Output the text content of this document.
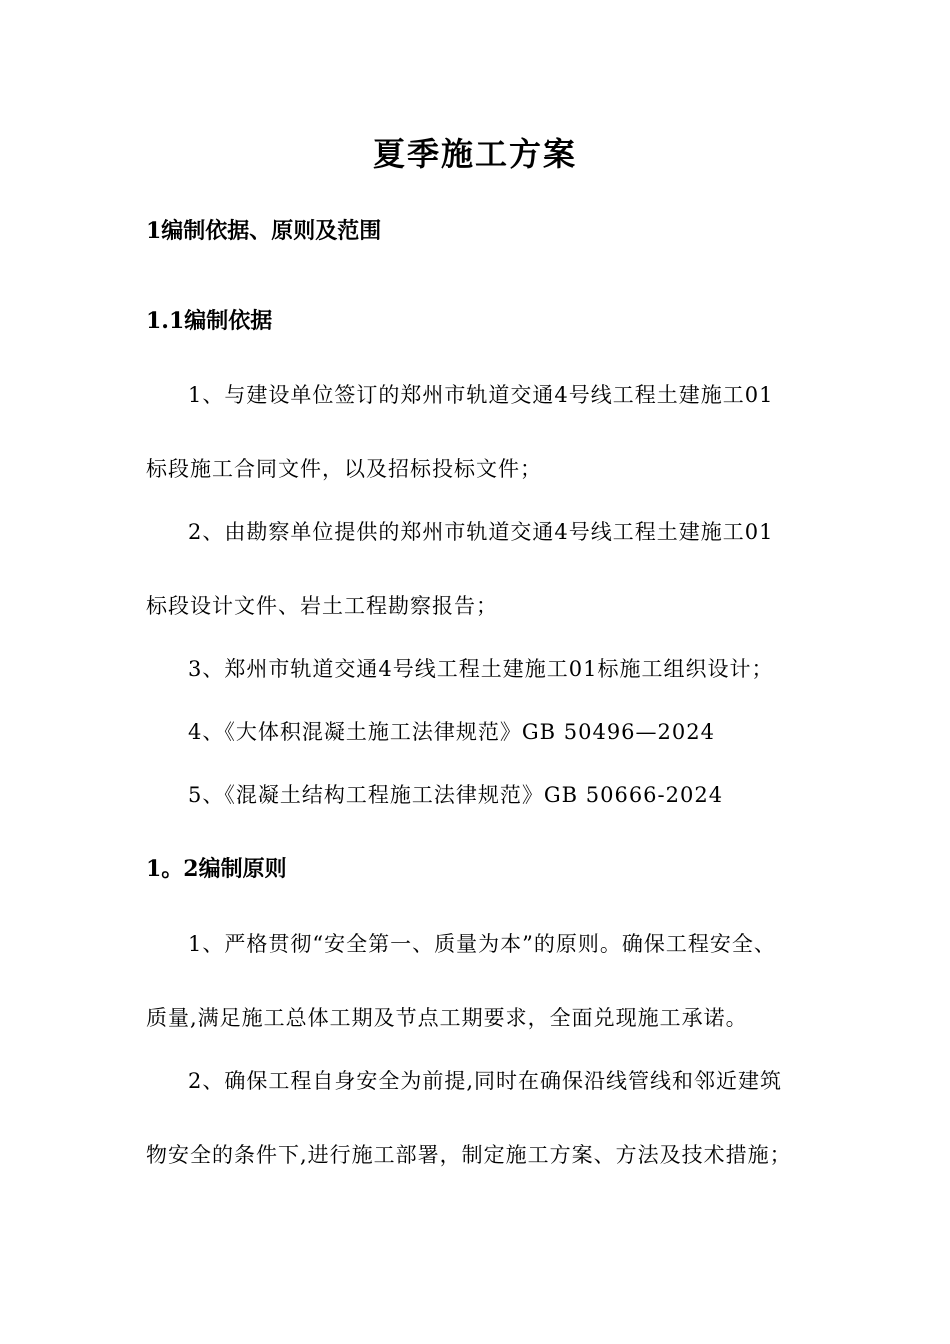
夏季施工方案
1编制依据、原则及范围
1.1编制依据

1、与建设单位签订的郑州市轨道交通4号线工程土建施工01

标段施工合同文件，以及招标投标文件；

2、由勘察单位提供的郑州市轨道交通4号线工程土建施工01

标段设计文件、岩土工程勘察报告；

3、郑州市轨道交通4号线工程土建施工01标施工组织设计；

4、《大体积混凝土施工法律规范》GB 50496—2024

5、《混凝土结构工程施工法律规范》GB 50666-2024

1。2编制原则

1、严格贯彻“安全第一、质量为本”的原则。确保工程安全、

质量,满足施工总体工期及节点工期要求，全面兑现施工承诺。

2、确保工程自身安全为前提,同时在确保沿线管线和邻近建筑

物安全的条件下,进行施工部署，制定施工方案、方法及技术措施；
